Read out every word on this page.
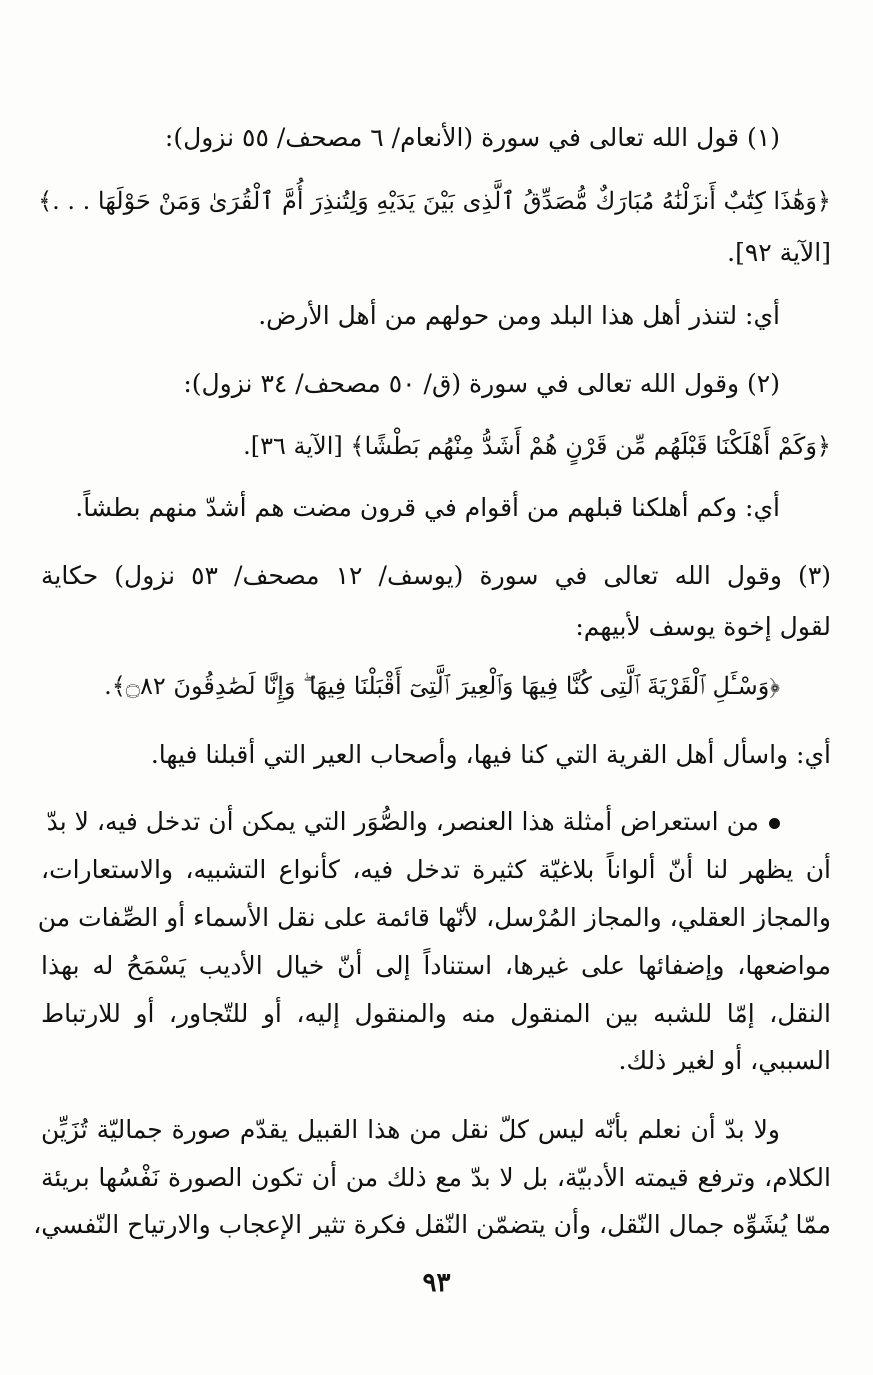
(١) قول الله تعالى في سورة (الأنعام/ ٦ مصحف/ ٥٥ نزول):
﴿وَهَٰذَا كِتَٰبٌ أَنزَلْنَٰهُ مُبَارَكٌ مُّصَدِّقُ ٱلَّذِى بَيْنَ يَدَيْهِ وَلِتُنذِرَ أُمَّ ٱلْقُرَىٰ وَمَنْ حَوْلَهَا . . .﴾
[الآية ٩٢].
أي: لتنذر أهل هذا البلد ومن حولهم من أهل الأرض.
(٢) وقول الله تعالى في سورة (ق/ ٥٠ مصحف/ ٣٤ نزول):
﴿وَكَمْ أَهْلَكْنَا قَبْلَهُم مِّن قَرْنٍ هُمْ أَشَدُّ مِنْهُم بَطْشًا﴾ [الآية ٣٦].
أي: وكم أهلكنا قبلهم من أقوام في قرون مضت هم أشدّ منهم بطشاً.
(٣) وقول الله تعالى في سورة (يوسف/ ١٢ مصحف/ ٥٣ نزول) حكاية
لقول إخوة يوسف لأبيهم:
﴿وَسْـَٔلِ ٱلْقَرْيَةَ ٱلَّتِى كُنَّا فِيهَا وَٱلْعِيرَ ٱلَّتِىٓ أَقْبَلْنَا فِيهَا ۖ وَإِنَّا لَصَٰدِقُونَ ۝٨٢﴾.
أي: واسأل أهل القرية التي كنا فيها، وأصحاب العير التي أقبلنا فيها.
من استعراض أمثلة هذا العنصر، والصُّوَر التي يمكن أن تدخل فيه، لا بدّ
أن يظهر لنا أنّ ألواناً بلاغيّة كثيرة تدخل فيه، كأنواع التشبيه، والاستعارات،
والمجاز العقلي، والمجاز المُرْسل، لأنّها قائمة على نقل الأسماء أو الصِّفات من
مواضعها، وإضفائها على غيرها، استناداً إلى أنّ خيال الأديب يَسْمَحُ له بهذا
النقل، إمّا للشبه بين المنقول منه والمنقول إليه، أو للتّجاور، أو للارتباط
السببي، أو لغير ذلك.
ولا بدّ أن نعلم بأنّه ليس كلّ نقل من هذا القبيل يقدّم صورة جماليّة تُزَيِّن
الكلام، وترفع قيمته الأدبيّة، بل لا بدّ مع ذلك من أن تكون الصورة نَفْسُها بريئة
ممّا يُشَوِّه جمال النّقل، وأن يتضمّن النّقل فكرة تثير الإعجاب والارتياح النّفسي،
٩٣
